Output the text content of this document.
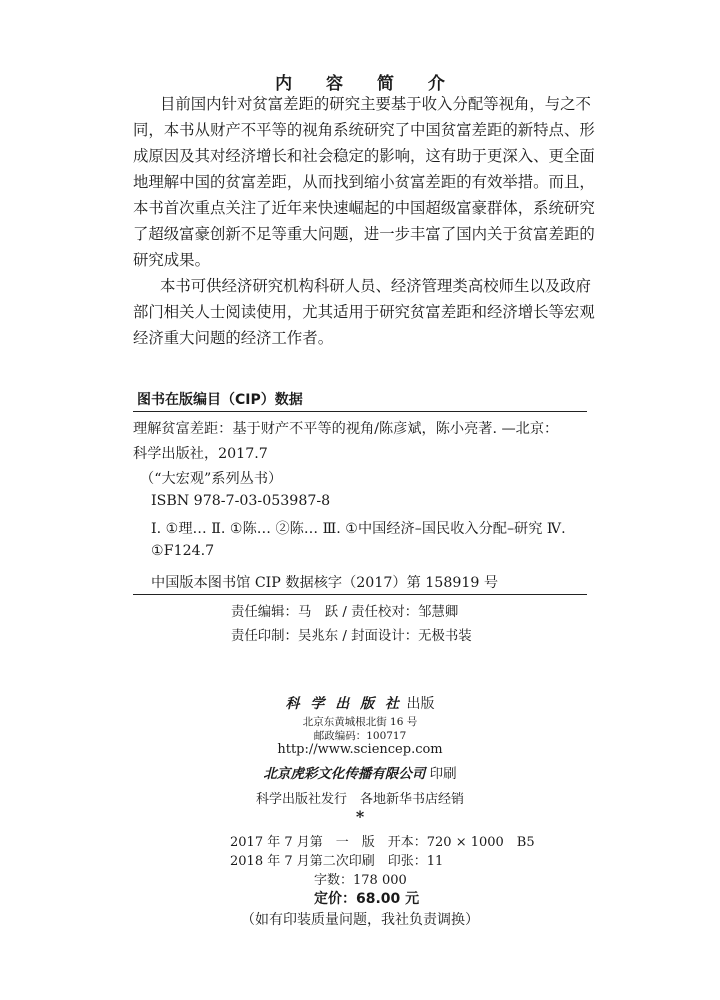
内 容 简 介
目前国内针对贫富差距的研究主要基于收入分配等视角，与之不
同，本书从财产不平等的视角系统研究了中国贫富差距的新特点、形
成原因及其对经济增长和社会稳定的影响，这有助于更深入、更全面
地理解中国的贫富差距，从而找到缩小贫富差距的有效举措。而且，
本书首次重点关注了近年来快速崛起的中国超级富豪群体，系统研究
了超级富豪创新不足等重大问题，进一步丰富了国内关于贫富差距的
研究成果。
本书可供经济研究机构科研人员、经济管理类高校师生以及政府
部门相关人士阅读使用，尤其适用于研究贫富差距和经济增长等宏观
经济重大问题的经济工作者。
图书在版编目（CIP）数据
理解贫富差距：基于财产不平等的视角/陈彦斌，陈小亮著. —北京：
科学出版社，2017.7
（“大宏观”系列丛书）
ISBN 978-7-03-053987-8
Ⅰ. ①理… Ⅱ. ①陈… ②陈… Ⅲ. ①中国经济–国民收入分配–研究 Ⅳ.
①F124.7
中国版本图书馆 CIP 数据核字（2017）第 158919 号
责任编辑：马　跃 / 责任校对：邹慧卿
责任印制：吴兆东 / 封面设计：无极书装
科 学 出 版 社 出版
北京东黄城根北街 16 号
邮政编码：100717
http://www.sciencep.com
北京虎彩文化传播有限公司 印刷
科学出版社发行　各地新华书店经销
*
2017 年 7 月第　一　版　开本：720 × 1000　B5
2018 年 7 月第二次印刷　印张：11
字数：178 000
定价：68.00 元
（如有印装质量问题，我社负责调换）
